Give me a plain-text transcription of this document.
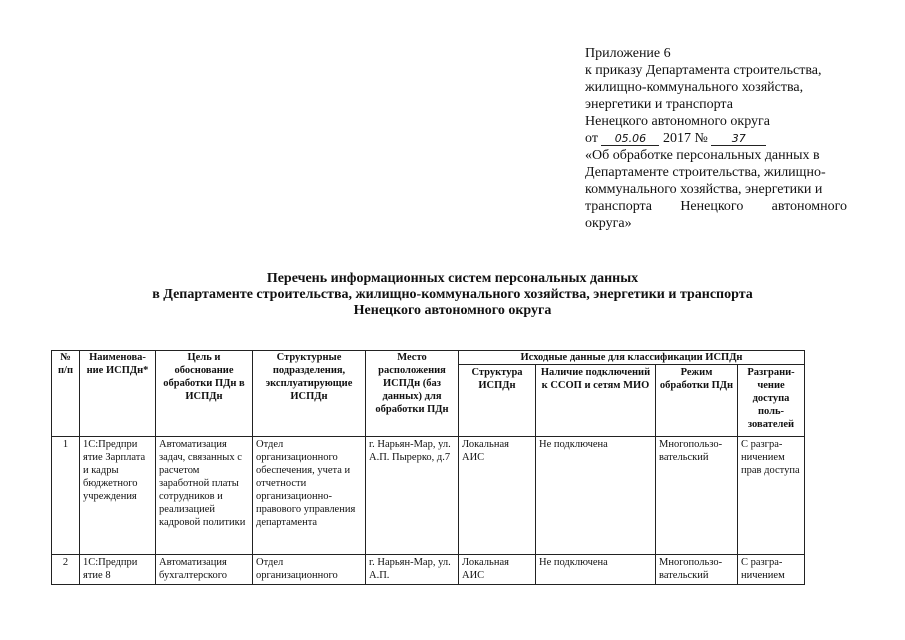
Приложение 6
к приказу Департамента строительства,
жилищно-коммунального хозяйства,
энергетики и транспорта
Ненецкого автономного округа
от 05.06 2017 № 37
«Об обработке персональных данных в
Департаменте строительства, жилищно-
коммунального хозяйства, энергетики и
транспорта Ненецкого автономного
округа»
Перечень информационных систем персональных данных
в Департаменте строительства, жилищно-коммунального хозяйства, энергетики и транспорта
Ненецкого автономного округа
№ п/п	Наименова-ние ИСПДн*	Цель и обоснование обработки ПДн в ИСПДн	Структурные подразделения, эксплуатирующие ИСПДн	Место расположения ИСПДн (баз данных) для обработки ПДн	Исходные данные для классификации ИСПДн			
					Структура ИСПДн	Наличие подключений к ССОП и сетям МИО	Режим обработки ПДн	Разграни-чение доступа поль-зователей
1	1С:Предпри ятие Зарплата и кадры бюджетного учреждения	Автоматизация задач, связанных с расчетом заработной платы сотрудников и реализацией кадровой политики	Отдел организационного обеспечения, учета и отчетности организационно-правового управления департамента	г. Нарьян-Мар, ул. А.П. Пырерко, д.7	Локальная АИС	Не подключена	Многопользо-вательский	С разгра-ничением прав доступа
2	1С:Предпри ятие 8	Автоматизация бухгалтерского	Отдел организационного	г. Нарьян-Мар, ул. А.П.	Локальная АИС	Не подключена	Многопользо-вательский	С разгра-ничением
